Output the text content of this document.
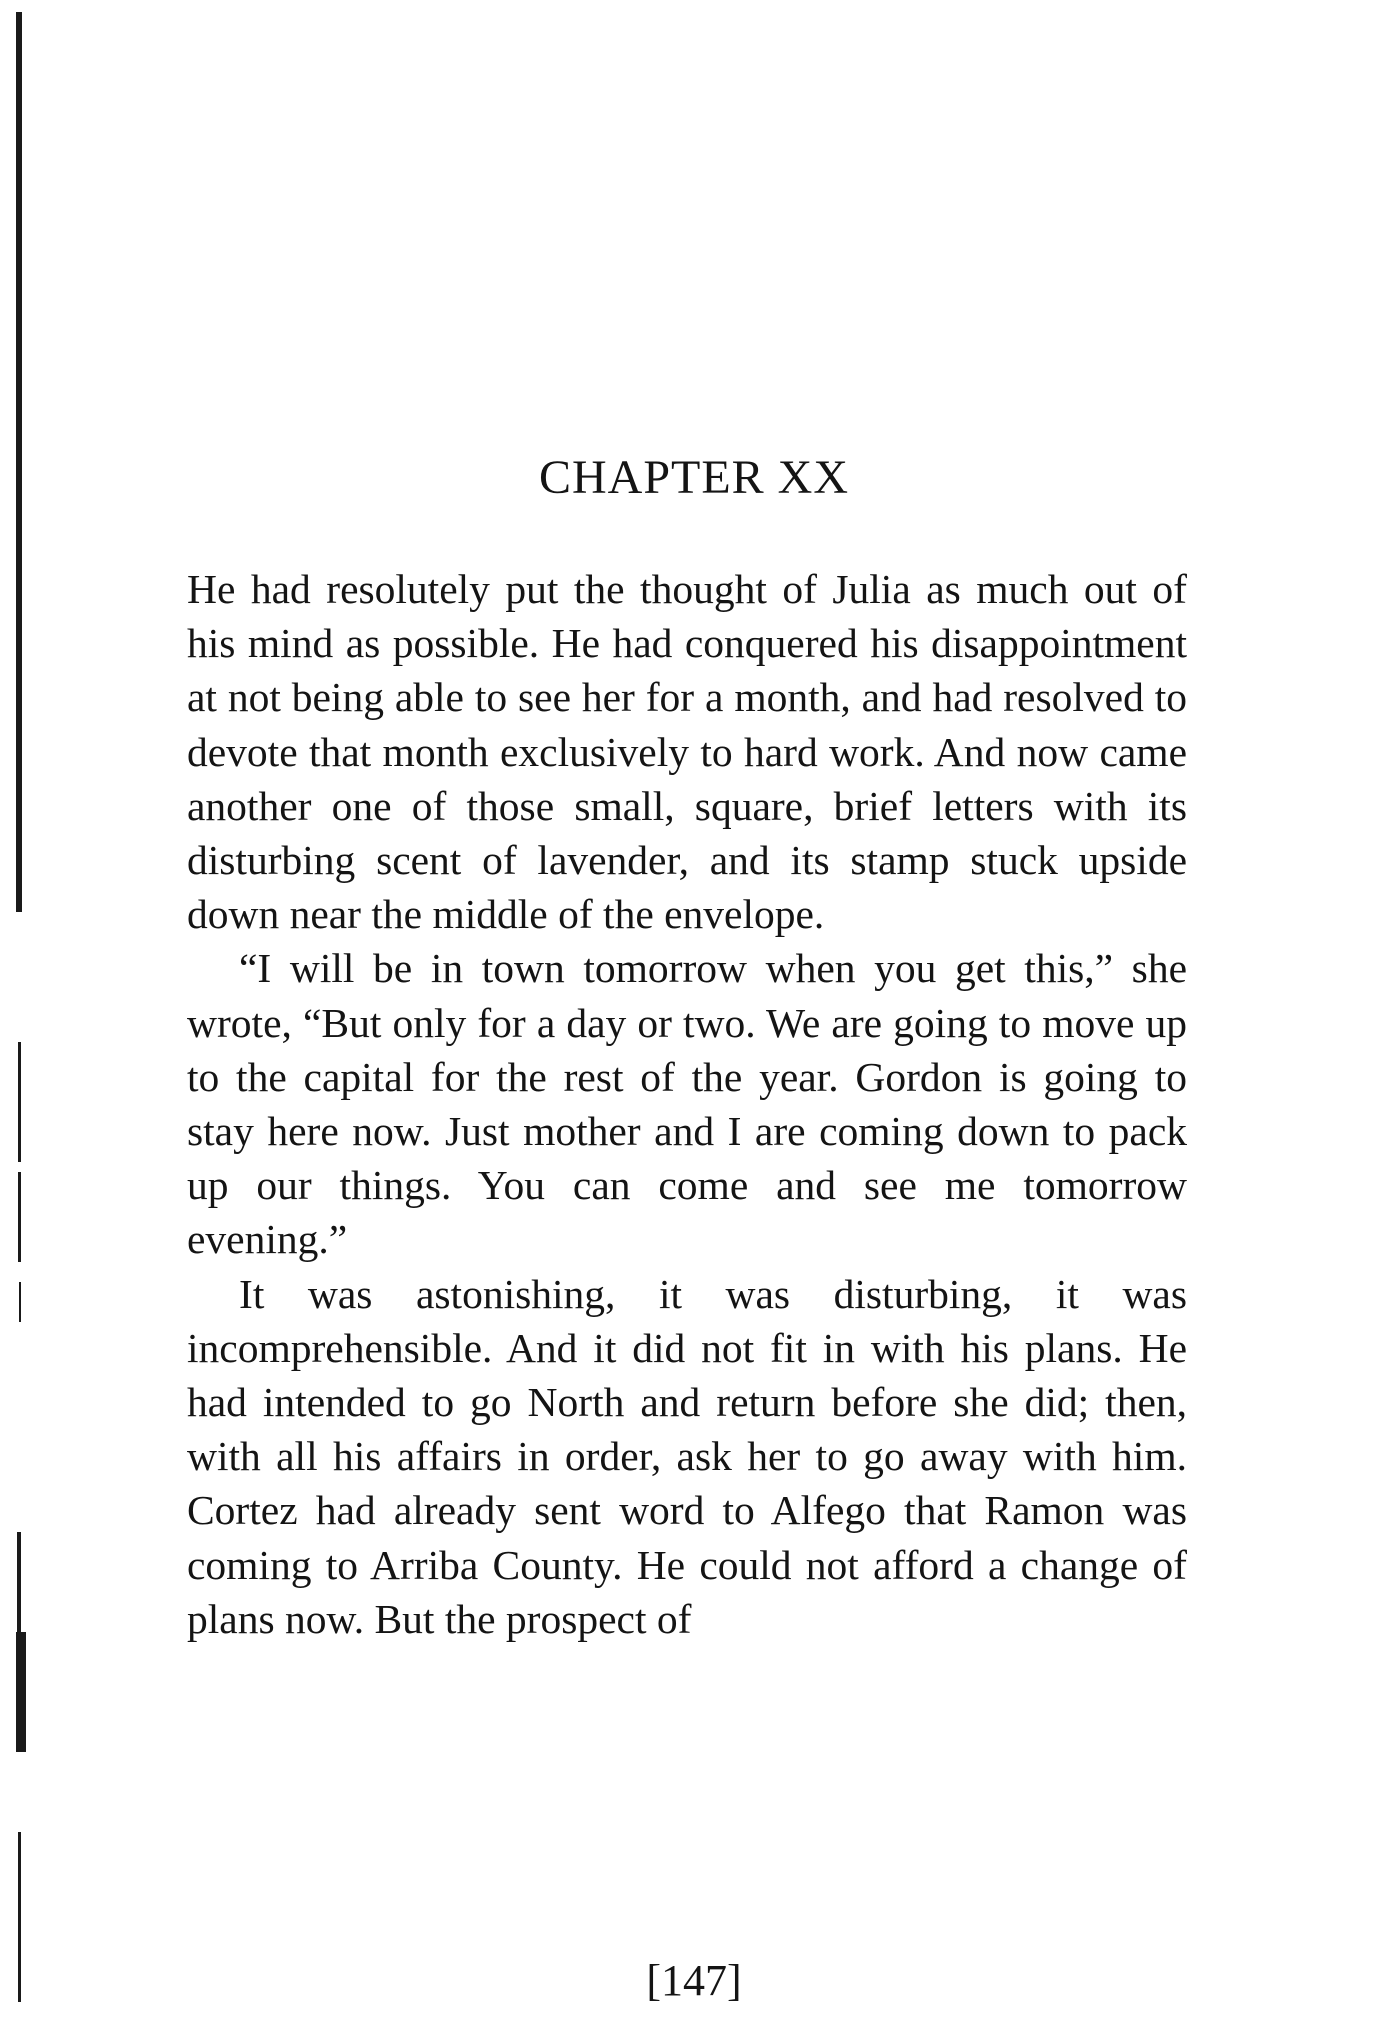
CHAPTER XX

He had resolutely put the thought of Julia as much out of his mind as possible. He had conquered his disappointment at not being able to see her for a month, and had resolved to devote that month exclusively to hard work. And now came another one of those small, square, brief letters with its disturbing scent of lavender, and its stamp stuck upside down near the middle of the envelope.

“I will be in town tomorrow when you get this,” she wrote, “But only for a day or two. We are going to move up to the capital for the rest of the year. Gordon is going to stay here now. Just mother and I are coming down to pack up our things. You can come and see me tomorrow evening.”

It was astonishing, it was disturbing, it was incomprehensible. And it did not fit in with his plans. He had intended to go North and return before she did; then, with all his affairs in order, ask her to go away with him. Cortez had already sent word to Alfego that Ramon was coming to Arriba County. He could not afford a change of plans now. But the prospect of

[147]
